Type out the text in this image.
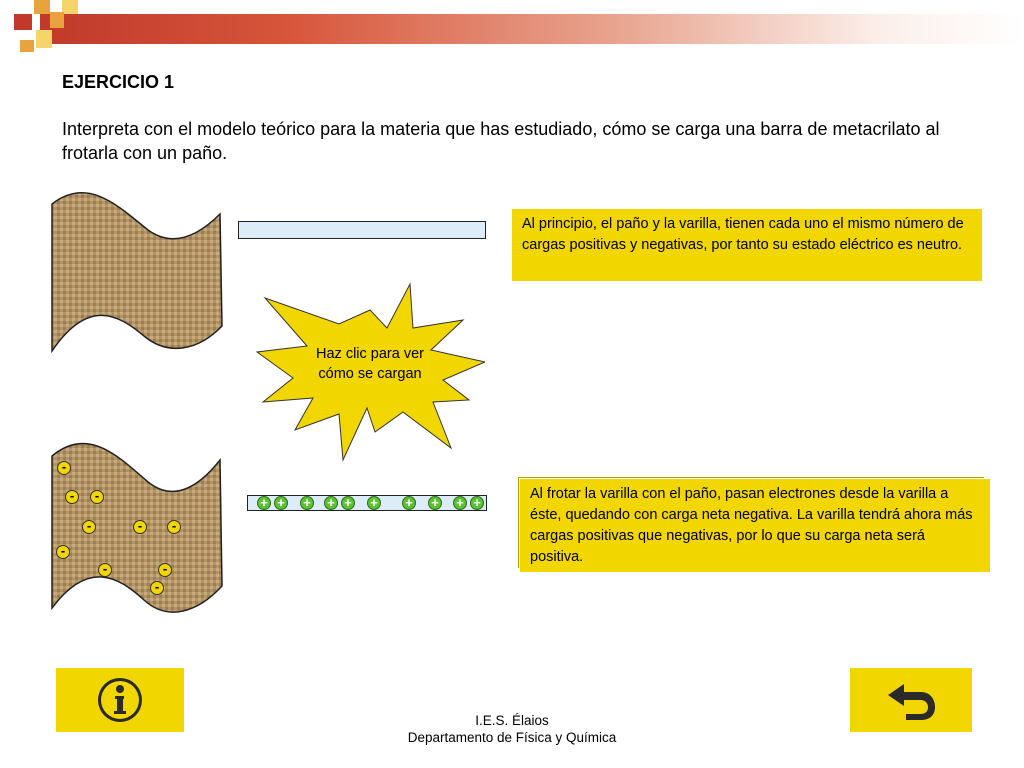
EJERCICIO 1
Interpreta con el modelo teórico para la materia que has estudiado, cómo se carga una barra de metacrilato al frotarla con un paño.
Al principio, el paño y la varilla, tienen cada uno el mismo número de cargas positivas y negativas, por tanto su estado eléctrico es neutro.
Haz clic para ver
cómo se cargan
-
-	-
-	-	-
-
-	-
-
+ + + + + + + + + +
Al frotar la varilla con el paño, pasan electrones desde la varilla a éste, quedando con carga neta negativa. La varilla tendrá ahora más cargas positivas que negativas, por lo que su carga neta será positiva.
I.E.S. Élaios
Departamento de Física y Química
